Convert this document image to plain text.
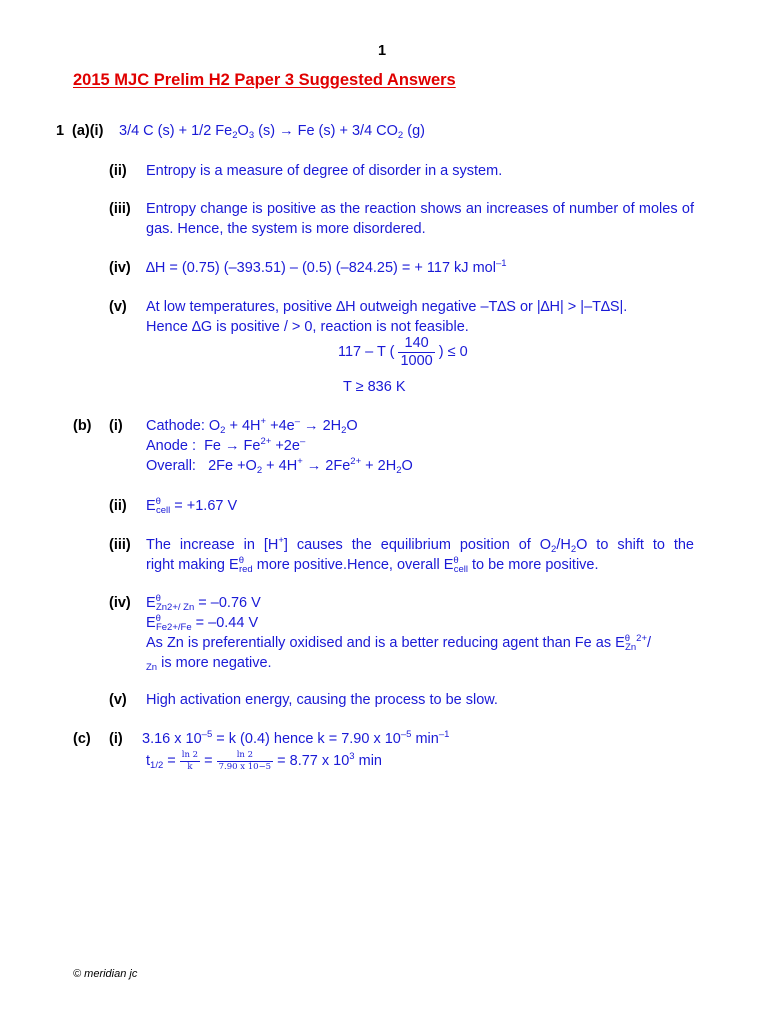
1
2015 MJC Prelim H2 Paper 3 Suggested Answers
1 (a)(i) 3/4 C (s) + 1/2 $Fe_2O_3$ (s) → Fe (s) + 3/4 $CO_2$ (g)
(ii) Entropy is a measure of degree of disorder in a system.
(iii) Entropy change is positive as the reaction shows an increases of number of moles of gas. Hence, the system is more disordered.
(iv) ∆H = (0.75) (–393.51) – (0.5) (–824.25) = + 117 kJ mol$^{-1}$
(v) At low temperatures, positive ∆H outweigh negative –T∆S or |∆H| > |–T∆S|.
Hence ∆G is positive / > 0, reaction is not feasible.
117 – T ( $\frac{140}{1000}$ ) ≤ 0
T ≥ 836 K
(b) (i) Cathode: $O_2 + 4H^+ +4e^- \to 2H_2O$
Anode : $Fe \to Fe^{2+} +2e^-$
Overall: $2Fe +O_2 + 4H^+ \to 2Fe^{2+} + 2H_2O$
(ii) $E^\theta_{cell} = +1.67$ V
(iii) The increase in [H+] causes the equilibrium position of $O_2/H_2O$ to shift to the
right making $E^\theta_{red}$ more positive.Hence, overall $E^\theta_{cell}$ to be more positive.
(iv) $E^\theta_{Zn2+/ Zn} = -0.76$ V
$E^\theta_{Fe2+/Fe} = -0.44$ V
As Zn is preferentially oxidised and is a better reducing agent than Fe as $E^\theta_{Zn}^{2+}/$
$_{Zn}$ is more negative.
(v) High activation energy, causing the process to be slow.
(c) (i) 3.16 x $10^{-5} = k$ (0.4) hence k = 7.90 x $10^{-5}$ $\min^{-1}$
$t_{1/2} = \frac{\ln 2}{k} = \frac{\ln 2}{7.90 x 10-5} = 8.77$ x $10^3$ min
© meridian jc
